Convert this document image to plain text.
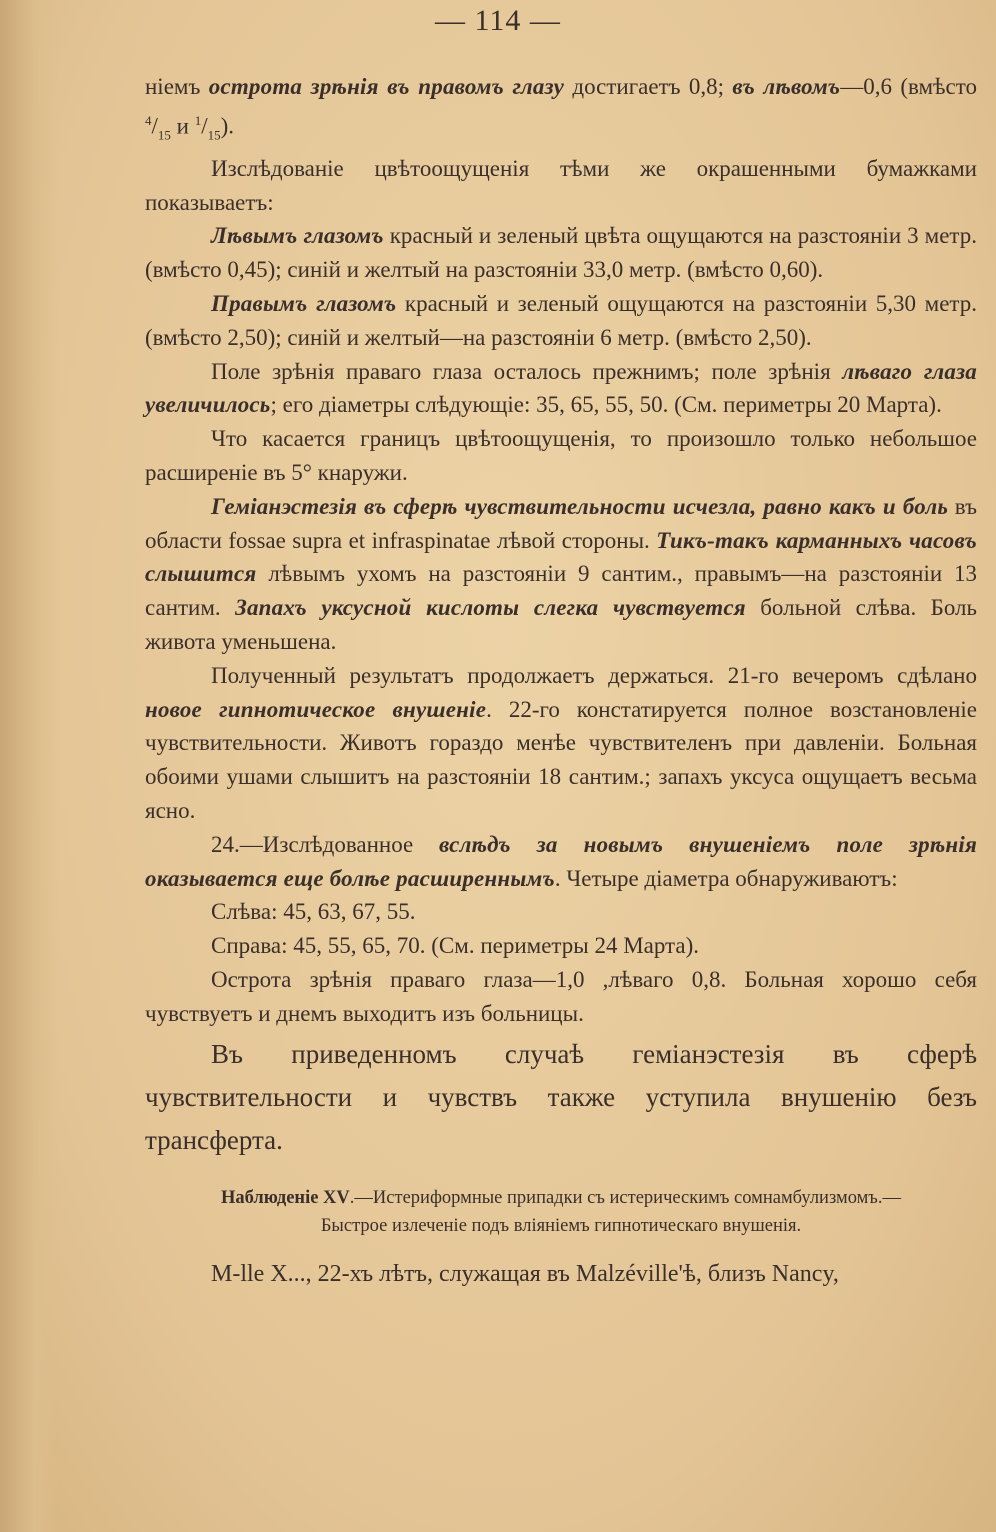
— 114 —

ніемъ острота зрѣнія въ правомъ глазу достигаетъ 0,8; въ лѣвомъ—0,6 (вмѣсто $^4/_{15}$ и $^1/_{15}$).

Изслѣдованіе цвѣтоощущенія тѣми же окрашенными бумажками показываетъ:

Лѣвымъ глазомъ красный и зеленый цвѣта ощущаются на разстояніи 3 метр. (вмѣсто 0,45); синій и желтый на разстояніи 33,0 метр. (вмѣсто 0,60).

Правымъ глазомъ красный и зеленый ощущаются на разстояніи 5,30 метр. (вмѣсто 2,50); синій и желтый—на разстояніи 6 метр. (вмѣсто 2,50).

Поле зрѣнія праваго глаза осталось прежнимъ; поле зрѣнія лѣваго глаза увеличилось; его діаметры слѣдующіе: 35, 65, 55, 50. (См. периметры 20 Марта).

Что касается границъ цвѣтоощущенія, то произошло только небольшое расширеніе въ 5° кнаружи.

Геміанэстезія въ сферѣ чувствительности исчезла, равно какъ и боль въ области fossae supra et infraspinatae лѣвой стороны. Тикъ-такъ карманныхъ часовъ слышится лѣвымъ ухомъ на разстояніи 9 сантим., правымъ—на разстояніи 13 сантим. Запахъ уксусной кислоты слегка чувствуется больной слѣва. Боль живота уменьшена.

Полученный результатъ продолжаетъ держаться. 21-го вечеромъ сдѣлано новое гипнотическое внушеніе. 22-го констатируется полное возстановленіе чувствительности. Животъ гораздо менѣе чувствителенъ при давленіи. Больная обоими ушами слышитъ на разстояніи 18 сантим.; запахъ уксуса ощущаетъ весьма ясно.

24.—Изслѣдованное вслѣдъ за новымъ внушеніемъ поле зрѣнія оказывается еще болѣе расширеннымъ. Четыре діаметра обнаруживаютъ:

Слѣва: 45, 63, 67, 55.

Справа: 45, 55, 65, 70. (См. периметры 24 Марта).

Острота зрѣнія праваго глаза—1,0 ,лѣваго 0,8. Больная хорошо себя чувствуетъ и днемъ выходитъ изъ больницы.

Въ приведенномъ случаѣ геміанэстезія въ сферѣ чувствительности и чувствъ также уступила внушенію безъ трансферта.

Наблюденіе XV.—Истериформные припадки съ истерическимъ сомнамбулизмомъ.—
Быстрое излеченіе подъ вліяніемъ гипнотическаго внушенія.

M-lle X..., 22-хъ лѣтъ, служащая въ Malzéville'ѣ, близъ Nancy,
